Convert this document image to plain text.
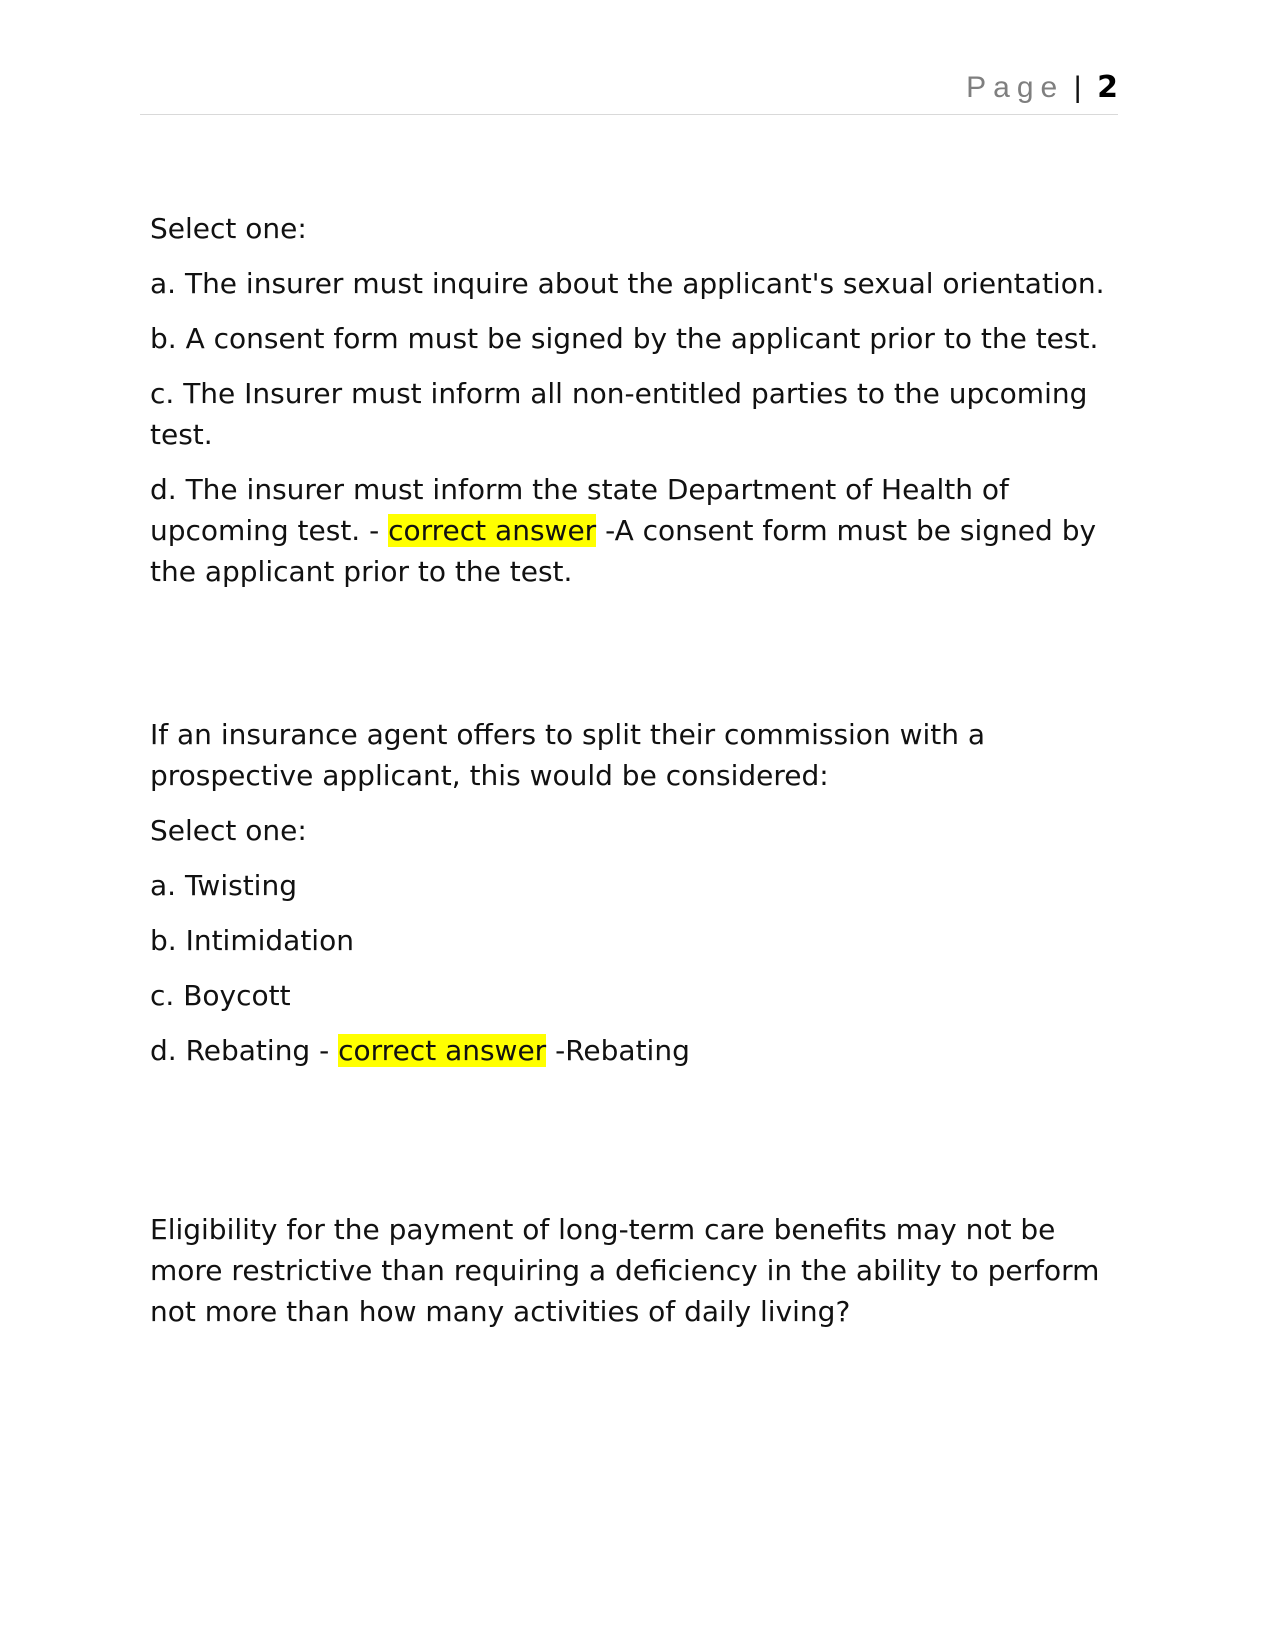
Page | 2

Select one:

a. The insurer must inquire about the applicant's sexual orientation.

b. A consent form must be signed by the applicant prior to the test.

c. The Insurer must inform all non-entitled parties to the upcoming test.

d. The insurer must inform the state Department of Health of upcoming test. - correct answer -A consent form must be signed by the applicant prior to the test.

If an insurance agent offers to split their commission with a prospective applicant, this would be considered:

Select one:

a. Twisting

b. Intimidation

c. Boycott

d. Rebating - correct answer -Rebating

Eligibility for the payment of long-term care benefits may not be more restrictive than requiring a deficiency in the ability to perform not more than how many activities of daily living?
